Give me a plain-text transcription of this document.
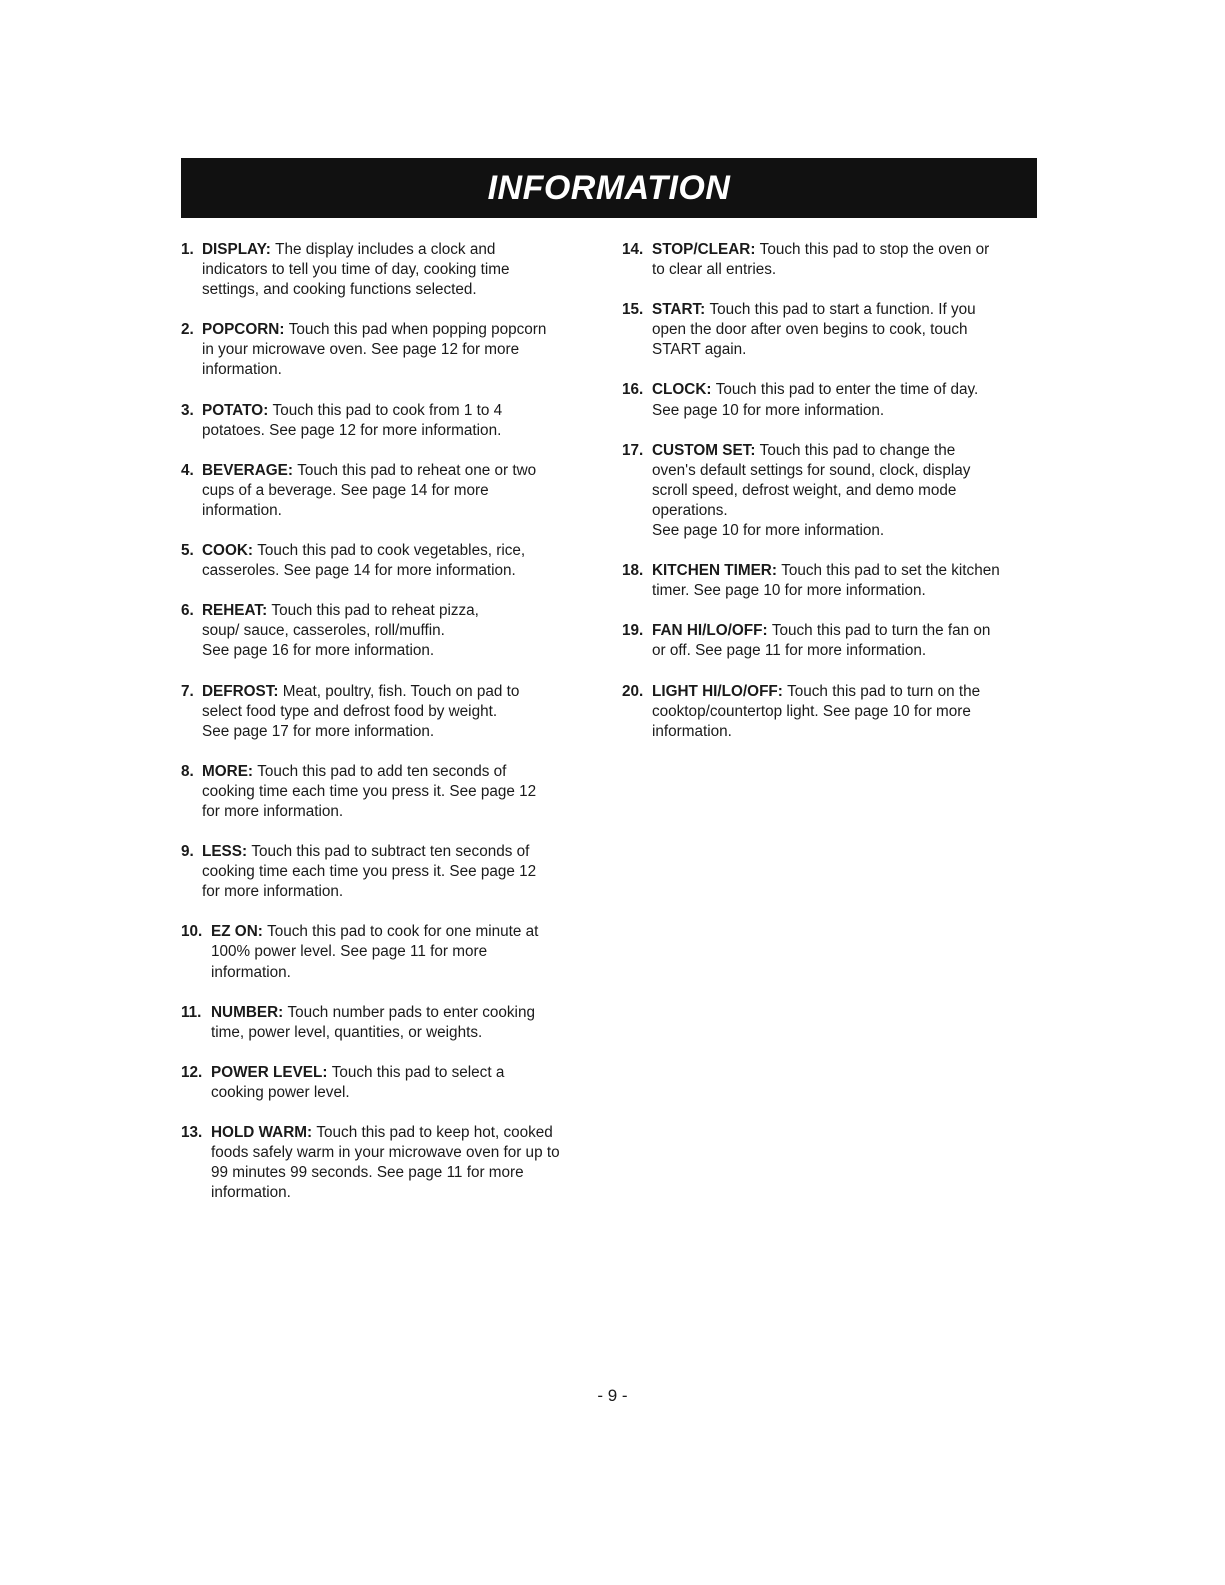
INFORMATION
1. DISPLAY: The display includes a clock and
indicators to tell you time of day, cooking time
settings, and cooking functions selected.
2. POPCORN: Touch this pad when popping popcorn
in your microwave oven. See page 12 for more
information.
3. POTATO: Touch this pad to cook from 1 to 4
potatoes. See page 12 for more information.
4. BEVERAGE: Touch this pad to reheat one or two
cups of a beverage. See page 14 for more
information.
5. COOK: Touch this pad to cook vegetables, rice,
casseroles. See page 14 for more information.
6. REHEAT: Touch this pad to reheat pizza,
soup/ sauce, casseroles, roll/muffin.
See page 16 for more information.
7. DEFROST: Meat, poultry, fish. Touch on pad to
select food type and defrost food by weight.
See page 17 for more information.
8. MORE: Touch this pad to add ten seconds of
cooking time each time you press it. See page 12
for more information.
9. LESS: Touch this pad to subtract ten seconds of
cooking time each time you press it. See page 12
for more information.
10. EZ ON: Touch this pad to cook for one minute at
100% power level. See page 11 for more
information.
11. NUMBER: Touch number pads to enter cooking
time, power level, quantities, or weights.
12. POWER LEVEL: Touch this pad to select a
cooking power level.
13. HOLD WARM: Touch this pad to keep hot, cooked
foods safely warm in your microwave oven for up to
99 minutes 99 seconds. See page 11 for more
information.
14. STOP/CLEAR: Touch this pad to stop the oven or
to clear all entries.
15. START: Touch this pad to start a function. If you
open the door after oven begins to cook, touch
START again.
16. CLOCK: Touch this pad to enter the time of day.
See page 10 for more information.
17. CUSTOM SET: Touch this pad to change the
oven's default settings for sound, clock, display
scroll speed, defrost weight, and demo mode
operations.
See page 10 for more information.
18. KITCHEN TIMER: Touch this pad to set the kitchen
timer. See page 10 for more information.
19. FAN HI/LO/OFF: Touch this pad to turn the fan on
or off. See page 11 for more information.
20. LIGHT HI/LO/OFF: Touch this pad to turn on the
cooktop/countertop light. See page 10 for more
information.
- 9 -
